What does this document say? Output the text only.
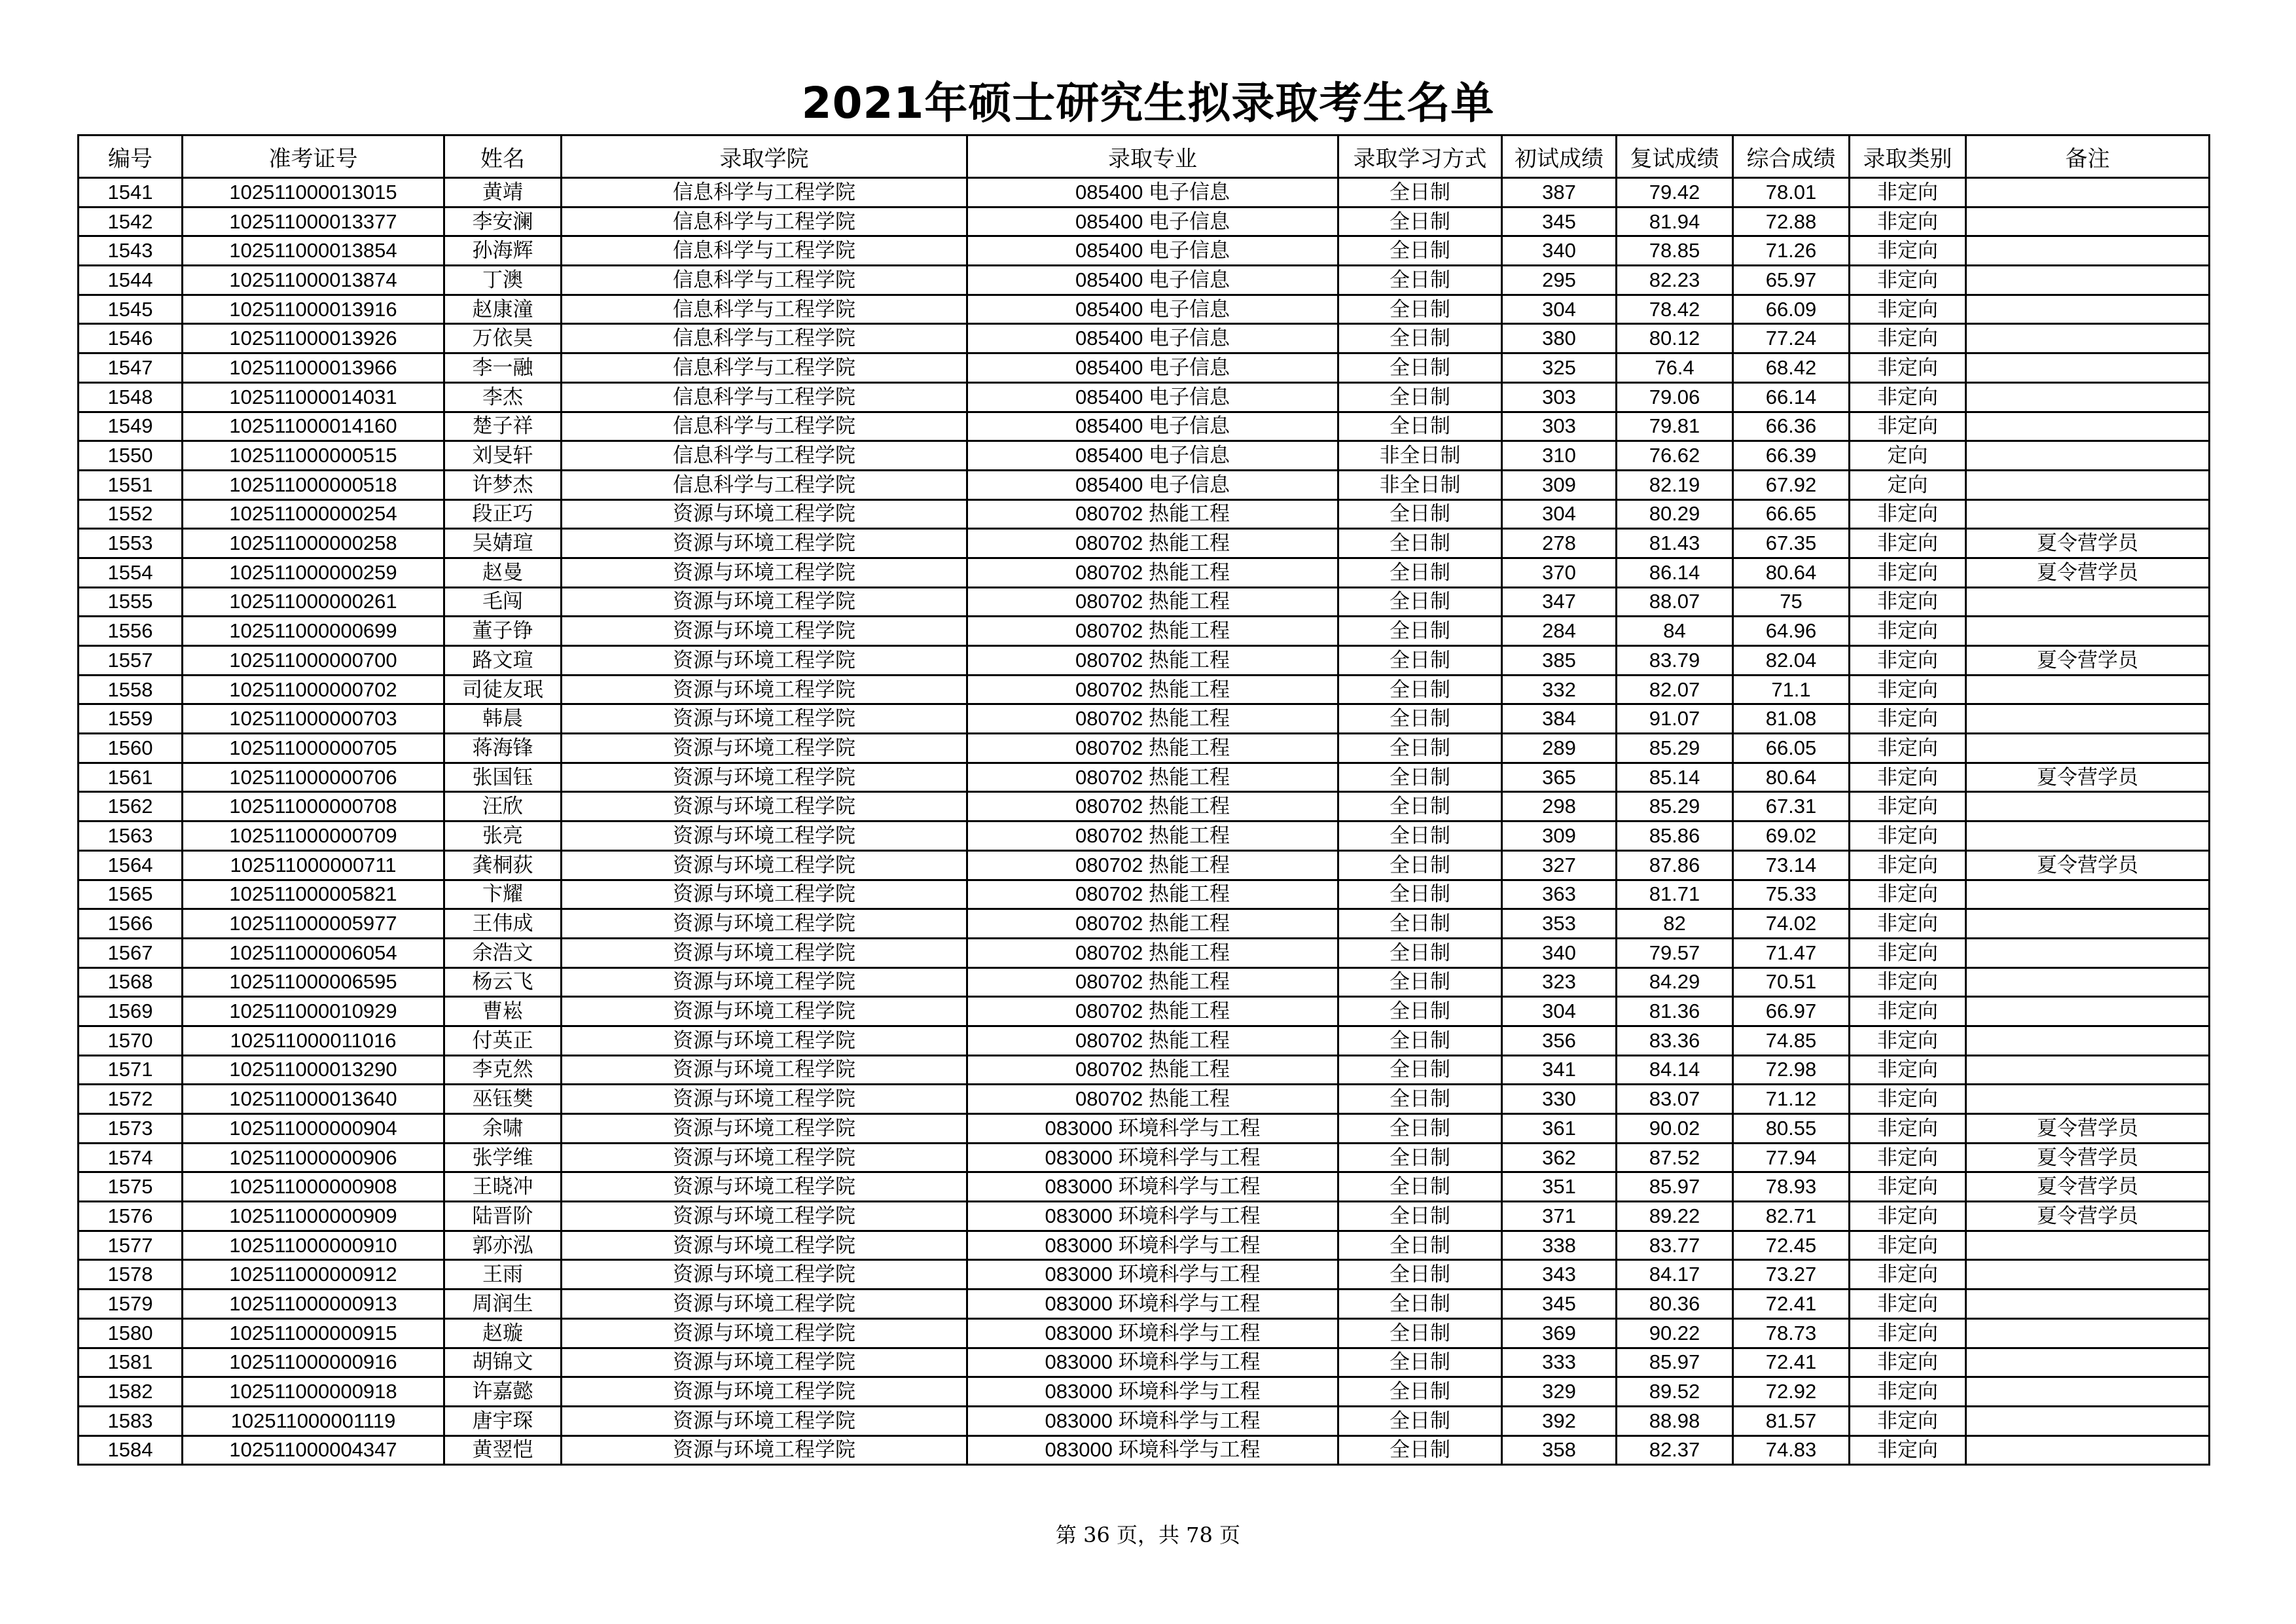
2021年硕士研究生拟录取考生名单
编号	准考证号	姓名	录取学院	录取专业	录取学习方式	初试成绩	复试成绩	综合成绩	录取类别	备注
1541	102511000013015	黄靖	信息科学与工程学院	085400 电子信息	全日制	387	79.42	78.01	非定向	
1542	102511000013377	李安澜	信息科学与工程学院	085400 电子信息	全日制	345	81.94	72.88	非定向	
1543	102511000013854	孙海辉	信息科学与工程学院	085400 电子信息	全日制	340	78.85	71.26	非定向	
1544	102511000013874	丁澳	信息科学与工程学院	085400 电子信息	全日制	295	82.23	65.97	非定向	
1545	102511000013916	赵康潼	信息科学与工程学院	085400 电子信息	全日制	304	78.42	66.09	非定向	
1546	102511000013926	万依昊	信息科学与工程学院	085400 电子信息	全日制	380	80.12	77.24	非定向	
1547	102511000013966	李一融	信息科学与工程学院	085400 电子信息	全日制	325	76.4	68.42	非定向	
1548	102511000014031	李杰	信息科学与工程学院	085400 电子信息	全日制	303	79.06	66.14	非定向	
1549	102511000014160	楚子祥	信息科学与工程学院	085400 电子信息	全日制	303	79.81	66.36	非定向	
1550	102511000000515	刘旻轩	信息科学与工程学院	085400 电子信息	非全日制	310	76.62	66.39	定向	
1551	102511000000518	许梦杰	信息科学与工程学院	085400 电子信息	非全日制	309	82.19	67.92	定向	
1552	102511000000254	段正巧	资源与环境工程学院	080702 热能工程	全日制	304	80.29	66.65	非定向	
1553	102511000000258	吴婧瑄	资源与环境工程学院	080702 热能工程	全日制	278	81.43	67.35	非定向	夏令营学员
1554	102511000000259	赵曼	资源与环境工程学院	080702 热能工程	全日制	370	86.14	80.64	非定向	夏令营学员
1555	102511000000261	毛闯	资源与环境工程学院	080702 热能工程	全日制	347	88.07	75	非定向	
1556	102511000000699	董子铮	资源与环境工程学院	080702 热能工程	全日制	284	84	64.96	非定向	
1557	102511000000700	路文瑄	资源与环境工程学院	080702 热能工程	全日制	385	83.79	82.04	非定向	夏令营学员
1558	102511000000702	司徒友珉	资源与环境工程学院	080702 热能工程	全日制	332	82.07	71.1	非定向	
1559	102511000000703	韩晨	资源与环境工程学院	080702 热能工程	全日制	384	91.07	81.08	非定向	
1560	102511000000705	蒋海锋	资源与环境工程学院	080702 热能工程	全日制	289	85.29	66.05	非定向	
1561	102511000000706	张国钰	资源与环境工程学院	080702 热能工程	全日制	365	85.14	80.64	非定向	夏令营学员
1562	102511000000708	汪欣	资源与环境工程学院	080702 热能工程	全日制	298	85.29	67.31	非定向	
1563	102511000000709	张亮	资源与环境工程学院	080702 热能工程	全日制	309	85.86	69.02	非定向	
1564	102511000000711	龚桐荻	资源与环境工程学院	080702 热能工程	全日制	327	87.86	73.14	非定向	夏令营学员
1565	102511000005821	卞耀	资源与环境工程学院	080702 热能工程	全日制	363	81.71	75.33	非定向	
1566	102511000005977	王伟成	资源与环境工程学院	080702 热能工程	全日制	353	82	74.02	非定向	
1567	102511000006054	余浩文	资源与环境工程学院	080702 热能工程	全日制	340	79.57	71.47	非定向	
1568	102511000006595	杨云飞	资源与环境工程学院	080702 热能工程	全日制	323	84.29	70.51	非定向	
1569	102511000010929	曹崧	资源与环境工程学院	080702 热能工程	全日制	304	81.36	66.97	非定向	
1570	102511000011016	付英正	资源与环境工程学院	080702 热能工程	全日制	356	83.36	74.85	非定向	
1571	102511000013290	李克然	资源与环境工程学院	080702 热能工程	全日制	341	84.14	72.98	非定向	
1572	102511000013640	巫钰樊	资源与环境工程学院	080702 热能工程	全日制	330	83.07	71.12	非定向	
1573	102511000000904	余啸	资源与环境工程学院	083000 环境科学与工程	全日制	361	90.02	80.55	非定向	夏令营学员
1574	102511000000906	张学维	资源与环境工程学院	083000 环境科学与工程	全日制	362	87.52	77.94	非定向	夏令营学员
1575	102511000000908	王晓冲	资源与环境工程学院	083000 环境科学与工程	全日制	351	85.97	78.93	非定向	夏令营学员
1576	102511000000909	陆晋阶	资源与环境工程学院	083000 环境科学与工程	全日制	371	89.22	82.71	非定向	夏令营学员
1577	102511000000910	郭亦泓	资源与环境工程学院	083000 环境科学与工程	全日制	338	83.77	72.45	非定向	
1578	102511000000912	王雨	资源与环境工程学院	083000 环境科学与工程	全日制	343	84.17	73.27	非定向	
1579	102511000000913	周润生	资源与环境工程学院	083000 环境科学与工程	全日制	345	80.36	72.41	非定向	
1580	102511000000915	赵璇	资源与环境工程学院	083000 环境科学与工程	全日制	369	90.22	78.73	非定向	
1581	102511000000916	胡锦文	资源与环境工程学院	083000 环境科学与工程	全日制	333	85.97	72.41	非定向	
1582	102511000000918	许嘉懿	资源与环境工程学院	083000 环境科学与工程	全日制	329	89.52	72.92	非定向	
1583	102511000001119	唐宇琛	资源与环境工程学院	083000 环境科学与工程	全日制	392	88.98	81.57	非定向	
1584	102511000004347	黄翌恺	资源与环境工程学院	083000 环境科学与工程	全日制	358	82.37	74.83	非定向	
第 36 页，共 78 页
